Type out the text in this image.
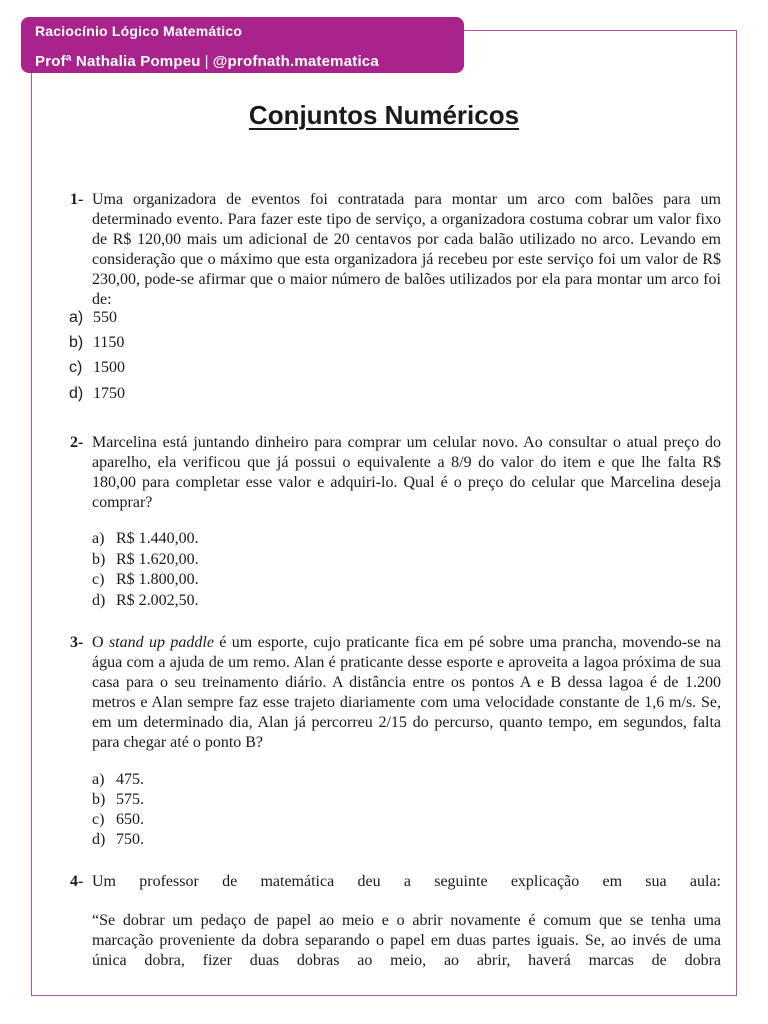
Raciocínio Lógico Matemático
Profª Nathalia Pompeu | @profnath.matematica
Conjuntos Numéricos
1- Uma organizadora de eventos foi contratada para montar um arco com balões para um determinado evento. Para fazer este tipo de serviço, a organizadora costuma cobrar um valor fixo de R$ 120,00 mais um adicional de 20 centavos por cada balão utilizado no arco. Levando em consideração que o máximo que esta organizadora já recebeu por este serviço foi um valor de R$ 230,00, pode-se afirmar que o maior número de balões utilizados por ela para montar um arco foi de:
a) 550
b) 1150
c) 1500
d) 1750
2- Marcelina está juntando dinheiro para comprar um celular novo. Ao consultar o atual preço do aparelho, ela verificou que já possui o equivalente a 8/9 do valor do item e que lhe falta R$ 180,00 para completar esse valor e adquiri-lo. Qual é o preço do celular que Marcelina deseja comprar?
a) R$ 1.440,00.
b) R$ 1.620,00.
c) R$ 1.800,00.
d) R$ 2.002,50.
3- O stand up paddle é um esporte, cujo praticante fica em pé sobre uma prancha, movendo-se na água com a ajuda de um remo. Alan é praticante desse esporte e aproveita a lagoa próxima de sua casa para o seu treinamento diário. A distância entre os pontos A e B dessa lagoa é de 1.200 metros e Alan sempre faz esse trajeto diariamente com uma velocidade constante de 1,6 m/s. Se, em um determinado dia, Alan já percorreu 2/15 do percurso, quanto tempo, em segundos, falta para chegar até o ponto B?
a) 475.
b) 575.
c) 650.
d) 750.
4- Um professor de matemática deu a seguinte explicação em sua aula:
“Se dobrar um pedaço de papel ao meio e o abrir novamente é comum que se tenha uma marcação proveniente da dobra separando o papel em duas partes iguais. Se, ao invés de uma única dobra, fizer duas dobras ao meio, ao abrir, haverá marcas de dobra
